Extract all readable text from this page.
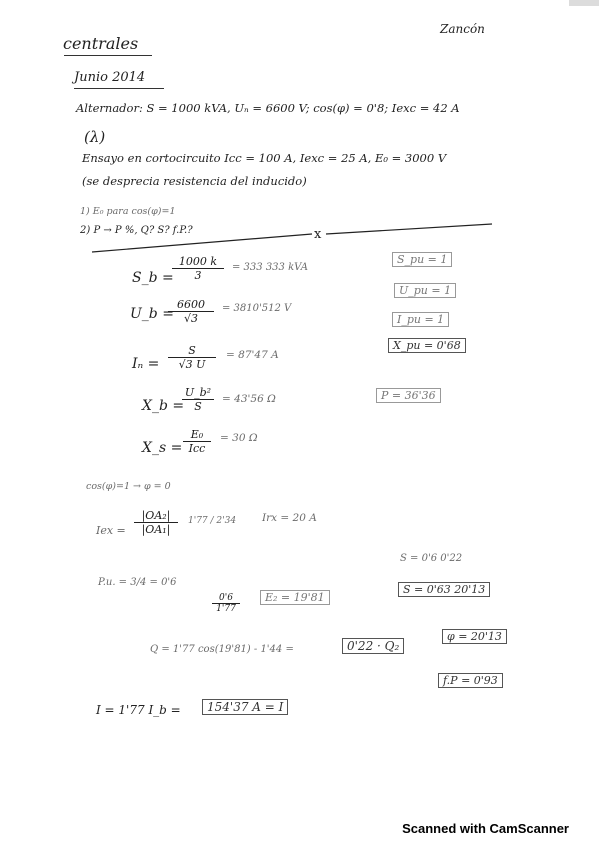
Zancón
centrales
Junio 2014
Alternador: S = 1000 kVA, Uₙ = 6600 V; cos(φ) = 0'8; Iexc = 42 A
(λ)
Ensayo en cortocircuito Icc = 100 A, Iexc = 25 A, E₀ = 3000 V
(se desprecia resistencia del inducido)
1) E₀ para cos(φ)=1
2) P → P %, Q? S? f.P.?	x
S_b =
$\frac{1000 k}{3} = 333$ 333 kVA
U_b =
$\frac{6600}{√3} = 3810'512$ V
$I_n = \frac{S}{√3 U} = 87'47$ A
X_b =
$\frac{\text{U\_b²}}{S} = 43'56$ Ω
X_s =
E₀
Icc
= 30 Ω
S_pu = 1
U_pu = 1
I_pu = 1
X_pu = 0'68
P = 36'36
cos(φ)=1 → φ = 0
Iex = $\frac{\text{|OA₂|}}{\text{|OA₁|}} 1'77 / 2'34$ Irx = 20 A
P.u. = 3/4 = 0'6
$\frac{0'6}{1'77}$	E₂ = 19'81
S = 0'6 0'22
S = 0'63 20'13
φ = 20'13
f.P = 0'93
Q = 1'77 cos(19'81) - 1'44 =	0'22 · Q₂
I = 1'77 I_b =	154'37 A = I
Scanned with CamScanner
